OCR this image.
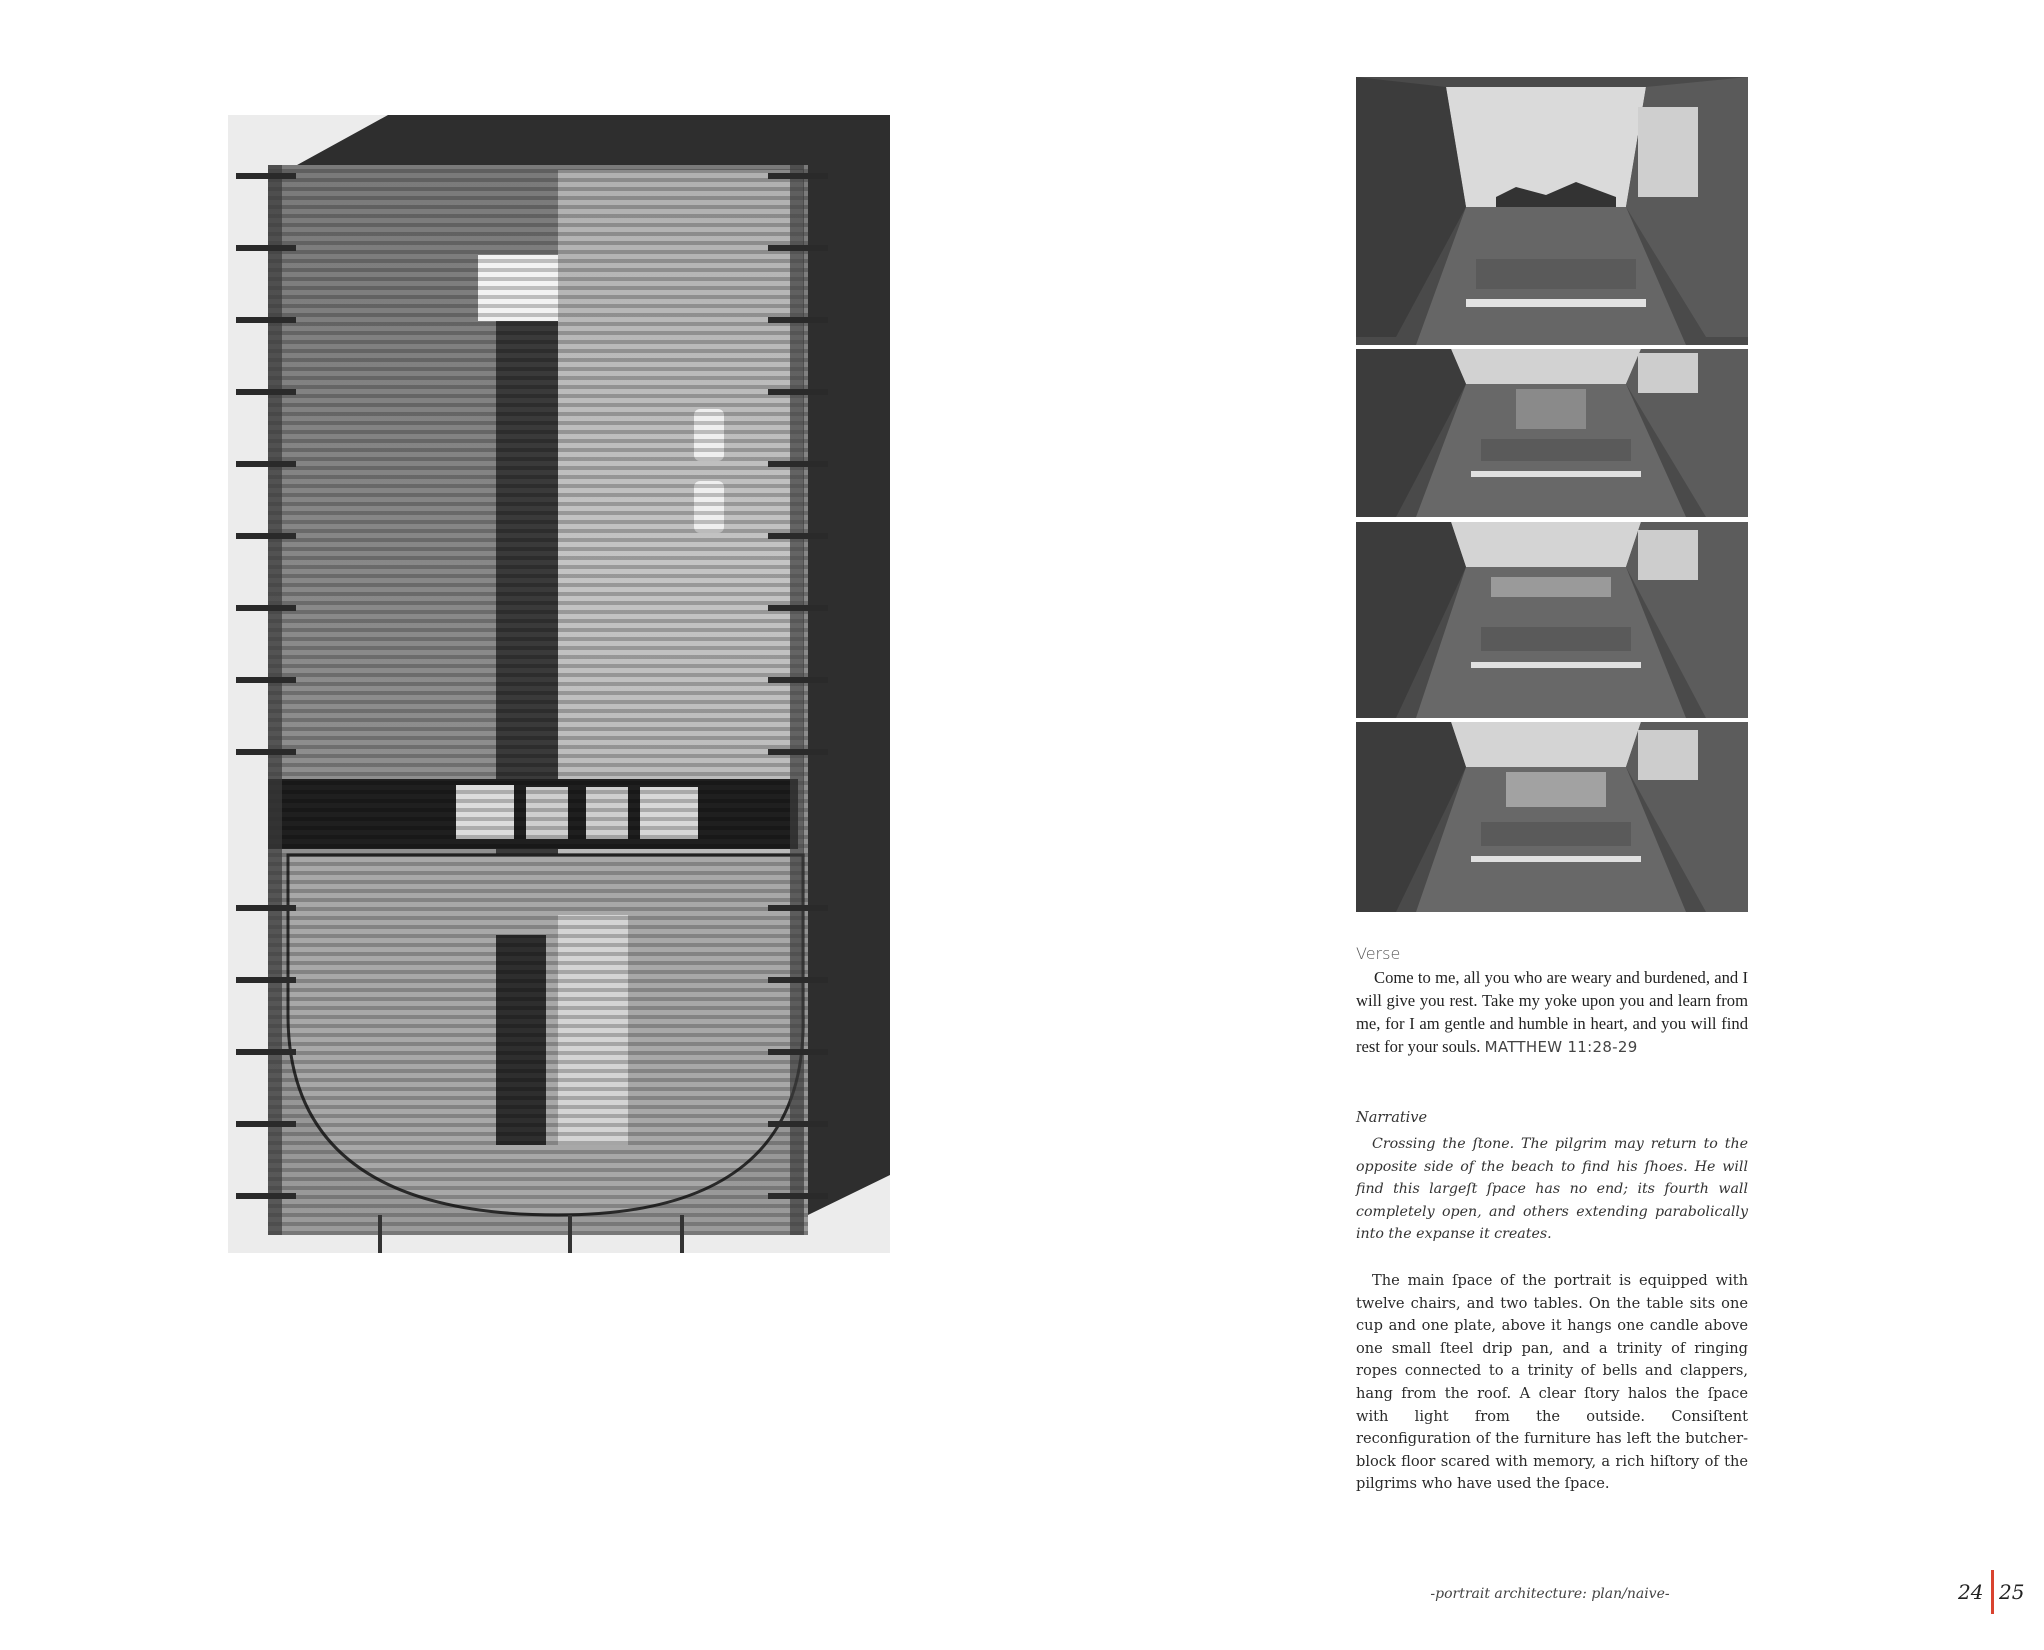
Verse
Come to me, all you who are weary and burdened, and I will give you rest. Take my yoke upon you and learn from me, for I am gentle and humble in heart, and you will find rest for your souls. MATTHEW 11:28-29
Narrative
Crossing the ſtone. The pilgrim may return to the opposite side of the beach to find his ſhoes. He will find this largeſt ſpace has no end; its fourth wall completely open, and others extending parabolically into the expanse it creates.
The main ſpace of the portrait is equipped with twelve chairs, and two tables. On the table sits one cup and one plate, above it hangs one candle above one small ſteel drip pan, and a trinity of ringing ropes connected to a trinity of bells and clappers, hang from the roof. A clear ſtory halos the ſpace with light from the outside. Consiſtent reconfiguration of the furniture has left the butcher-block floor scared with memory, a rich hiſtory of the pilgrims who have used the ſpace.
-portrait architecture: plan/naive-	24 25
